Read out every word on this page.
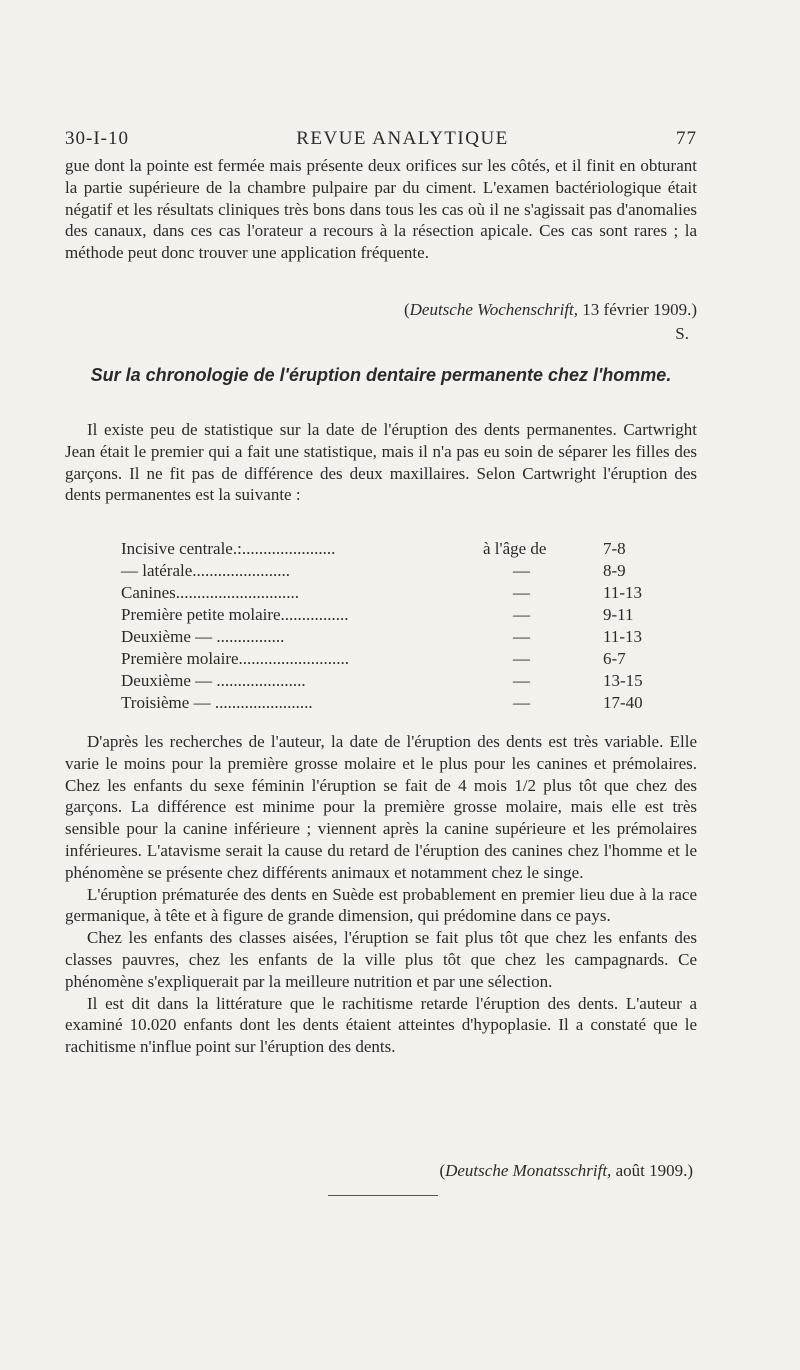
30-I-10	REVUE ANALYTIQUE	77

gue dont la pointe est fermée mais présente deux orifices sur les côtés, et il finit en obturant la partie supérieure de la chambre pulpaire par du ciment. L'examen bactériologique était négatif et les résultats cliniques très bons dans tous les cas où il ne s'agissait pas d'anomalies des canaux, dans ces cas l'orateur a recours à la résection apicale. Ces cas sont rares ; la méthode peut donc trouver une application fréquente.

(Deutsche Wochenschrift, 13 février 1909.)
S.

Sur la chronologie de l'éruption dentaire permanente chez l'homme.

Il existe peu de statistique sur la date de l'éruption des dents permanentes. Cartwright Jean était le premier qui a fait une statistique, mais il n'a pas eu soin de séparer les filles des garçons. Il ne fit pas de différence des deux maxillaires. Selon Cartwright l'éruption des dents permanentes est la suivante :

Incisive centrale.:......................	à l'âge de	7-8
— latérale.......................	—	8-9
Canines.............................	—	11-13
Première petite molaire................	—	9-11
Deuxième — ................	—	11-13
Première molaire..........................	—	6-7
Deuxième — .....................	—	13-15
Troisième — .......................	—	17-40

D'après les recherches de l'auteur, la date de l'éruption des dents est très variable. Elle varie le moins pour la première grosse molaire et le plus pour les canines et prémolaires. Chez les enfants du sexe féminin l'éruption se fait de 4 mois 1/2 plus tôt que chez des garçons. La différence est minime pour la première grosse molaire, mais elle est très sensible pour la canine inférieure ; viennent après la canine supérieure et les prémolaires inférieures. L'atavisme serait la cause du retard de l'éruption des canines chez l'homme et le phénomène se présente chez différents animaux et notamment chez le singe.

L'éruption prématurée des dents en Suède est probablement en premier lieu due à la race germanique, à tête et à figure de grande dimension, qui prédomine dans ce pays.

Chez les enfants des classes aisées, l'éruption se fait plus tôt que chez les enfants des classes pauvres, chez les enfants de la ville plus tôt que chez les campagnards. Ce phénomène s'expliquerait par la meilleure nutrition et par une sélection.

Il est dit dans la littérature que le rachitisme retarde l'éruption des dents. L'auteur a examiné 10.020 enfants dont les dents étaient atteintes d'hypoplasie. Il a constaté que le rachitisme n'influe point sur l'éruption des dents.

(Deutsche Monatsschrift, août 1909.)
